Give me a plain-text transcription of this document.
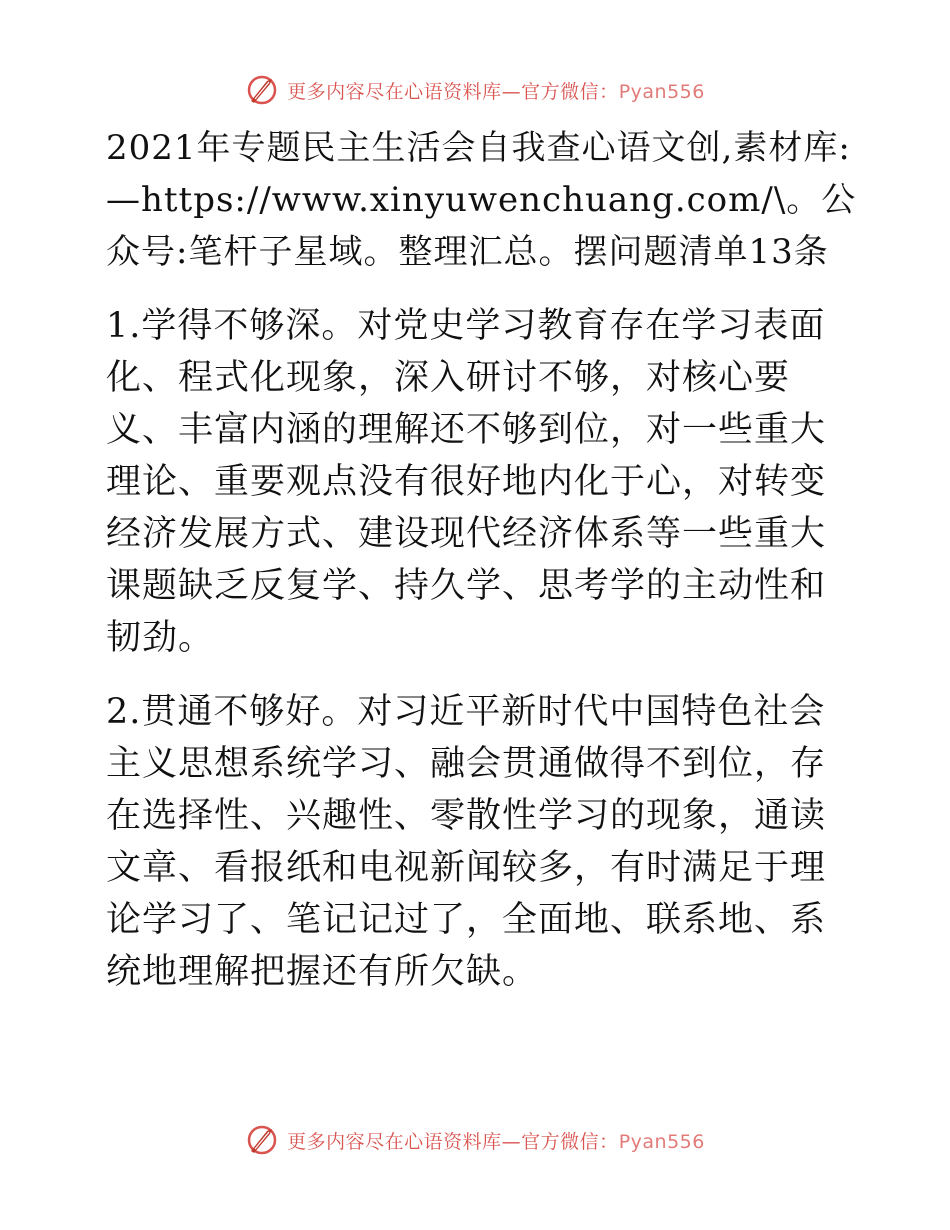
更多内容尽在心语资料库—官方微信：Pyan556

2021年专题民主生活会自我查心语文创,素材库:—https://www.xinyuwenchuang.com/\。公众号:笔杆子星域。整理汇总。摆问题清单13条

1.学得不够深。对党史学习教育存在学习表面化、程式化现象，深入研讨不够，对核心要义、丰富内涵的理解还不够到位，对一些重大理论、重要观点没有很好地内化于心，对转变经济发展方式、建设现代经济体系等一些重大课题缺乏反复学、持久学、思考学的主动性和韧劲。

2.贯通不够好。对习近平新时代中国特色社会主义思想系统学习、融会贯通做得不到位，存在选择性、兴趣性、零散性学习的现象，通读文章、看报纸和电视新闻较多，有时满足于理论学习了、笔记记过了，全面地、联系地、系统地理解把握还有所欠缺。

更多内容尽在心语资料库—官方微信：Pyan556
